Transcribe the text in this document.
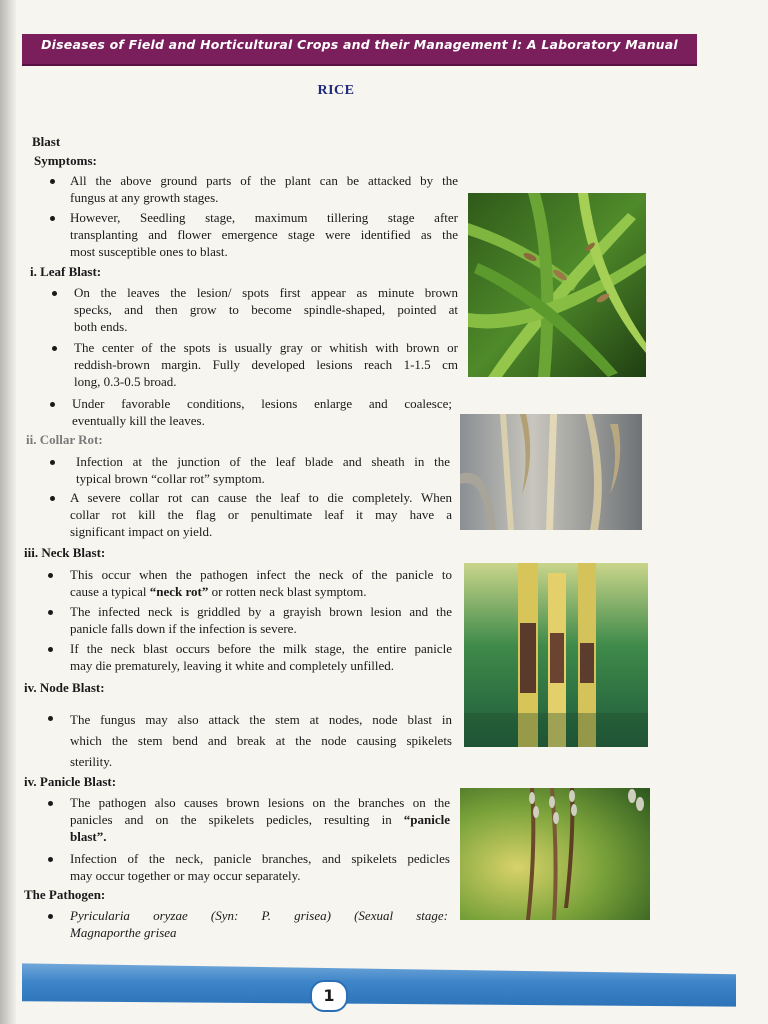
Diseases of Field and Horticultural Crops and their Management I: A Laboratory Manual
RICE
Blast
Symptoms:
All the above ground parts of the plant can be attacked by the
fungus at any growth stages.
However, Seedling stage, maximum tillering stage after
transplanting and flower emergence stage were identified as the
most susceptible ones to blast.
i. Leaf Blast:
On the leaves the lesion/ spots first appear as minute brown
specks, and then grow to become spindle-shaped, pointed at
both ends.
The center of the spots is usually gray or whitish with brown or
reddish-brown margin. Fully developed lesions reach 1-1.5 cm
long, 0.3-0.5 broad.
Under favorable conditions, lesions enlarge and coalesce;
eventually kill the leaves.
ii. Collar Rot:
Infection at the junction of the leaf blade and sheath in the
typical brown “collar rot” symptom.
A severe collar rot can cause the leaf to die completely. When
collar rot kill the flag or penultimate leaf it may have a
significant impact on yield.
iii. Neck Blast:
This occur when the pathogen infect the neck of the panicle to
cause a typical “neck rot” or rotten neck blast symptom.
The infected neck is griddled by a grayish brown lesion and the
panicle falls down if the infection is severe.
If the neck blast occurs before the milk stage, the entire panicle
may die prematurely, leaving it white and completely unfilled.
iv. Node Blast:
The fungus may also attack the stem at nodes, node blast in
which the stem bend and break at the node causing spikelets
sterility.
iv. Panicle Blast:
The pathogen also causes brown lesions on the branches on the
panicles and on the spikelets pedicles, resulting in “panicle
blast”.
Infection of the neck, panicle branches, and spikelets pedicles
may occur together or may occur separately.
The Pathogen:
Pyricularia oryzae (Syn: P. grisea) (Sexual stage:
Magnaporthe grisea
1
